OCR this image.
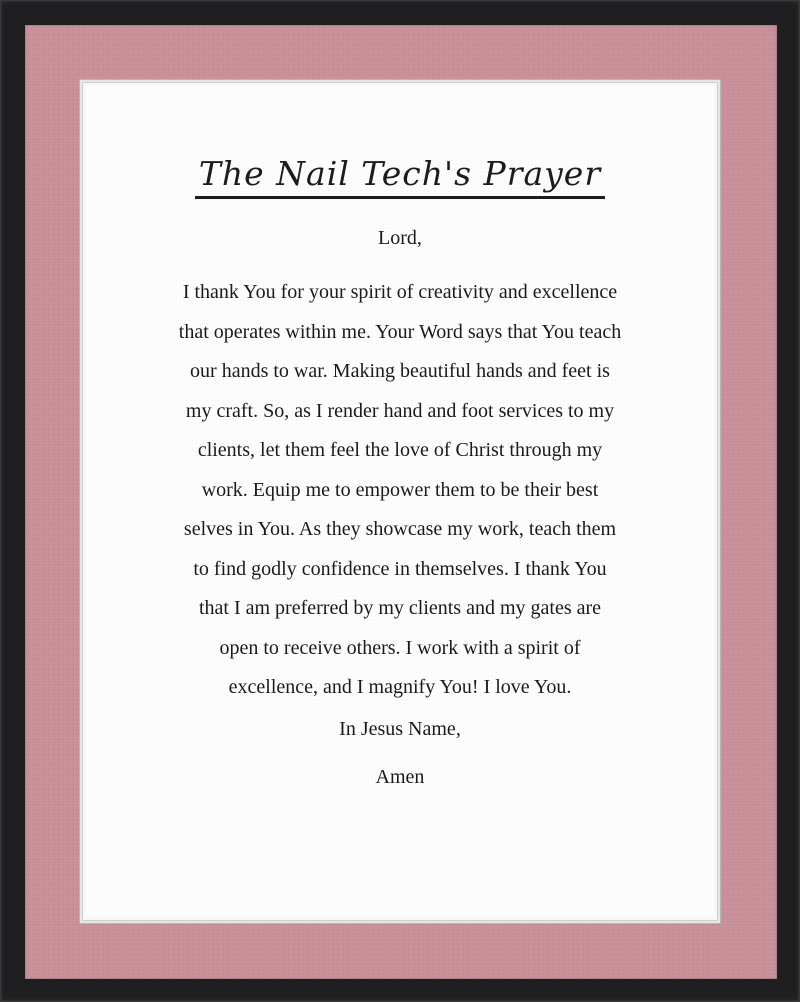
The Nail Tech's Prayer
Lord,
I thank You for your spirit of creativity and excellence
that operates within me. Your Word says that You teach
our hands to war. Making beautiful hands and feet is
my craft. So, as I render hand and foot services to my
clients, let them feel the love of Christ through my
work. Equip me to empower them to be their best
selves in You. As they showcase my work, teach them
to find godly confidence in themselves. I thank You
that I am preferred by my clients and my gates are
open to receive others. I work with a spirit of
excellence, and I magnify You! I love You.
In Jesus Name,
Amen
